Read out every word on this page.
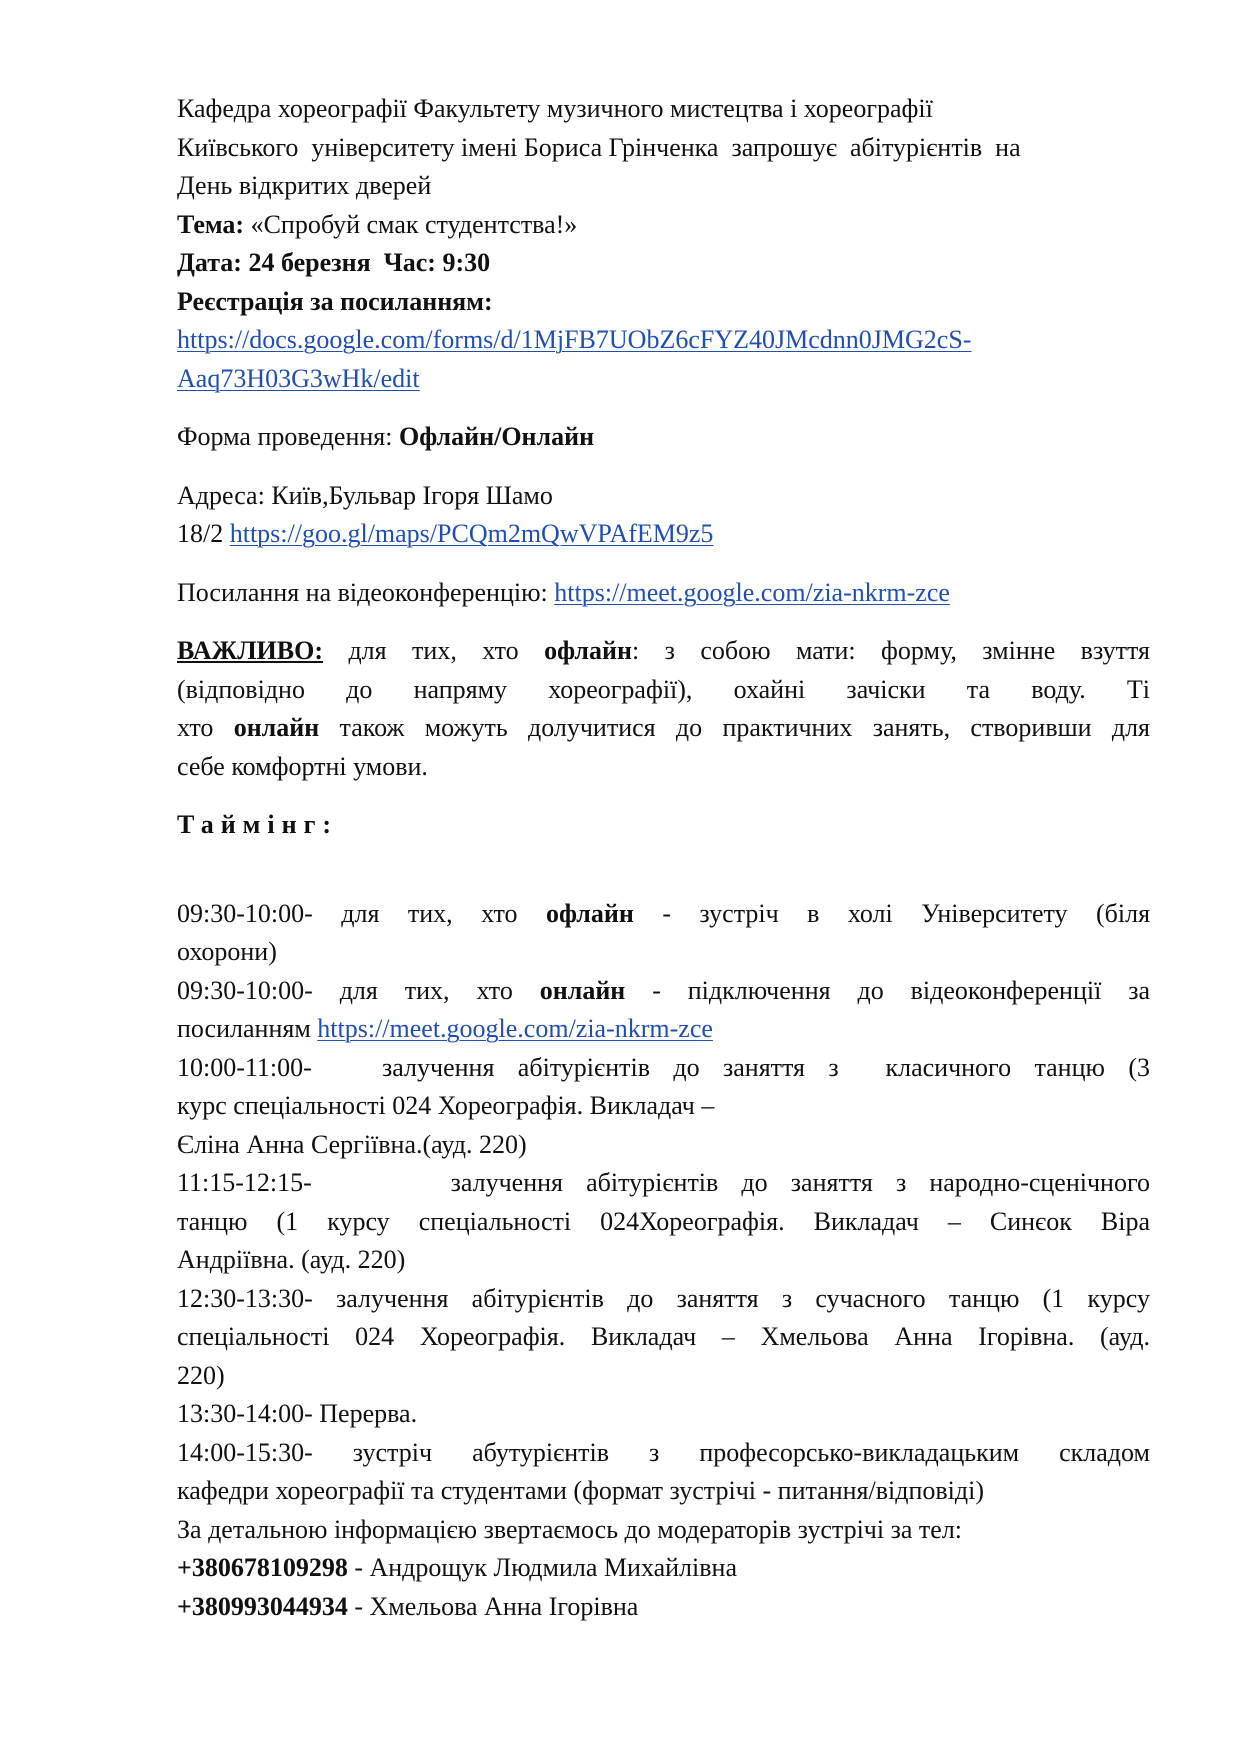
Кафедра хореографії Факультету музичного мистецтва і хореографії
Київського  університету імені Бориса Грінченка  запрошує  абітурієнтів  на
День відкритих дверей
Тема: «Спробуй смак студентства!»
Дата: 24 березня Час: 9:30
Реєстрація за посиланням:
https://docs.google.com/forms/d/1MjFB7UObZ6cFYZ40JMcdnn0JMG2cS-
Aaq73H03G3wHk/edit
Форма проведення: Офлайн/Онлайн
Адреса: Київ,Бульвар Ігоря Шамо
18/2 https://goo.gl/maps/PCQm2mQwVPAfEM9z5
Посилання на відеоконференцію: https://meet.google.com/zia-nkrm-zce
ВАЖЛИВО: для тих, хто офлайн: з собою мати: форму, змінне взуття
(відповідно до напряму хореографії), охайні зачіски та воду. Ті
хто онлайн також можуть долучитися до практичних занять, створивши для
себе комфортні умови.
Таймінг:
09:30-10:00- для тих, хто офлайн - зустріч в холі Університету (біля
охорони)
09:30-10:00- для тих, хто онлайн - підключення до відеоконференції за
посиланням https://meet.google.com/zia-nkrm-zce
10:00-11:00-   залучення абітурієнтів до заняття з  класичного танцю (3
курс спеціальності 024 Хореографія. Викладач –
Єліна Анна Сергіївна.(ауд. 220)
11:15-12:15-      залучення абітурієнтів до заняття з народно-сценічного
танцю (1 курсу спеціальності 024Хореографія. Викладач – Синєок Віра
Андріївна. (ауд. 220)
12:30-13:30- залучення абітурієнтів до заняття з сучасного танцю (1 курсу
спеціальності 024 Хореографія. Викладач – Хмельова Анна Ігорівна. (ауд.
220)
13:30-14:00- Перерва.
14:00-15:30- зустріч абутурієнтів з професорсько-викладацьким складом
кафедри хореографії та студентами (формат зустрічі - питання/відповіді)
За детальною інформацією звертаємось до модераторів зустрічі за тел:
+380678109298 - Андрощук Людмила Михайлівна
+380993044934 - Хмельова Анна Ігорівна
